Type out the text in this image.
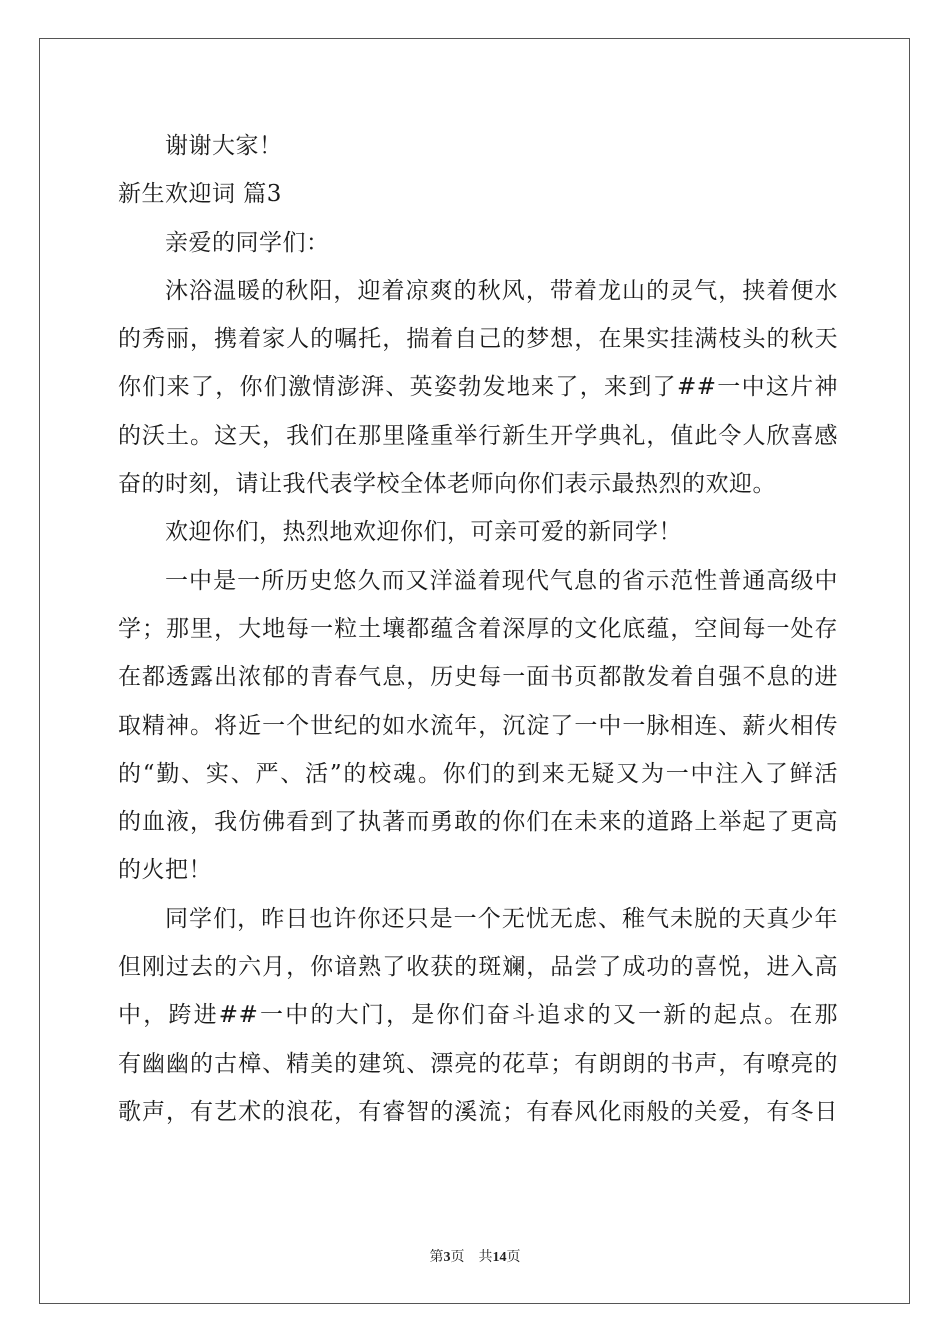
谢谢大家！
新生欢迎词 篇3
亲爱的同学们：
沐浴温暖的秋阳，迎着凉爽的秋风，带着龙山的灵气，挟着便水
的秀丽，携着家人的嘱托，揣着自己的梦想，在果实挂满枝头的秋天
你们来了，你们激情澎湃、英姿勃发地来了，来到了##一中这片神
的沃土。这天，我们在那里隆重举行新生开学典礼，值此令人欣喜感
奋的时刻，请让我代表学校全体老师向你们表示最热烈的欢迎。
欢迎你们，热烈地欢迎你们，可亲可爱的新同学！
一中是一所历史悠久而又洋溢着现代气息的省示范性普通高级中
学；那里，大地每一粒土壤都蕴含着深厚的文化底蕴，空间每一处存
在都透露出浓郁的青春气息，历史每一面书页都散发着自强不息的进
取精神。将近一个世纪的如水流年，沉淀了一中一脉相连、薪火相传
的“勤、实、严、活”的校魂。你们的到来无疑又为一中注入了鲜活
的血液，我仿佛看到了执著而勇敢的你们在未来的道路上举起了更高
的火把！
同学们，昨日也许你还只是一个无忧无虑、稚气未脱的天真少年
但刚过去的六月，你谙熟了收获的斑斓，品尝了成功的喜悦，进入高
中，跨进##一中的大门，是你们奋斗追求的又一新的起点。在那
有幽幽的古樟、精美的建筑、漂亮的花草；有朗朗的书声，有嘹亮的
歌声，有艺术的浪花，有睿智的溪流；有春风化雨般的关爱，有冬日
第3页 共14页
